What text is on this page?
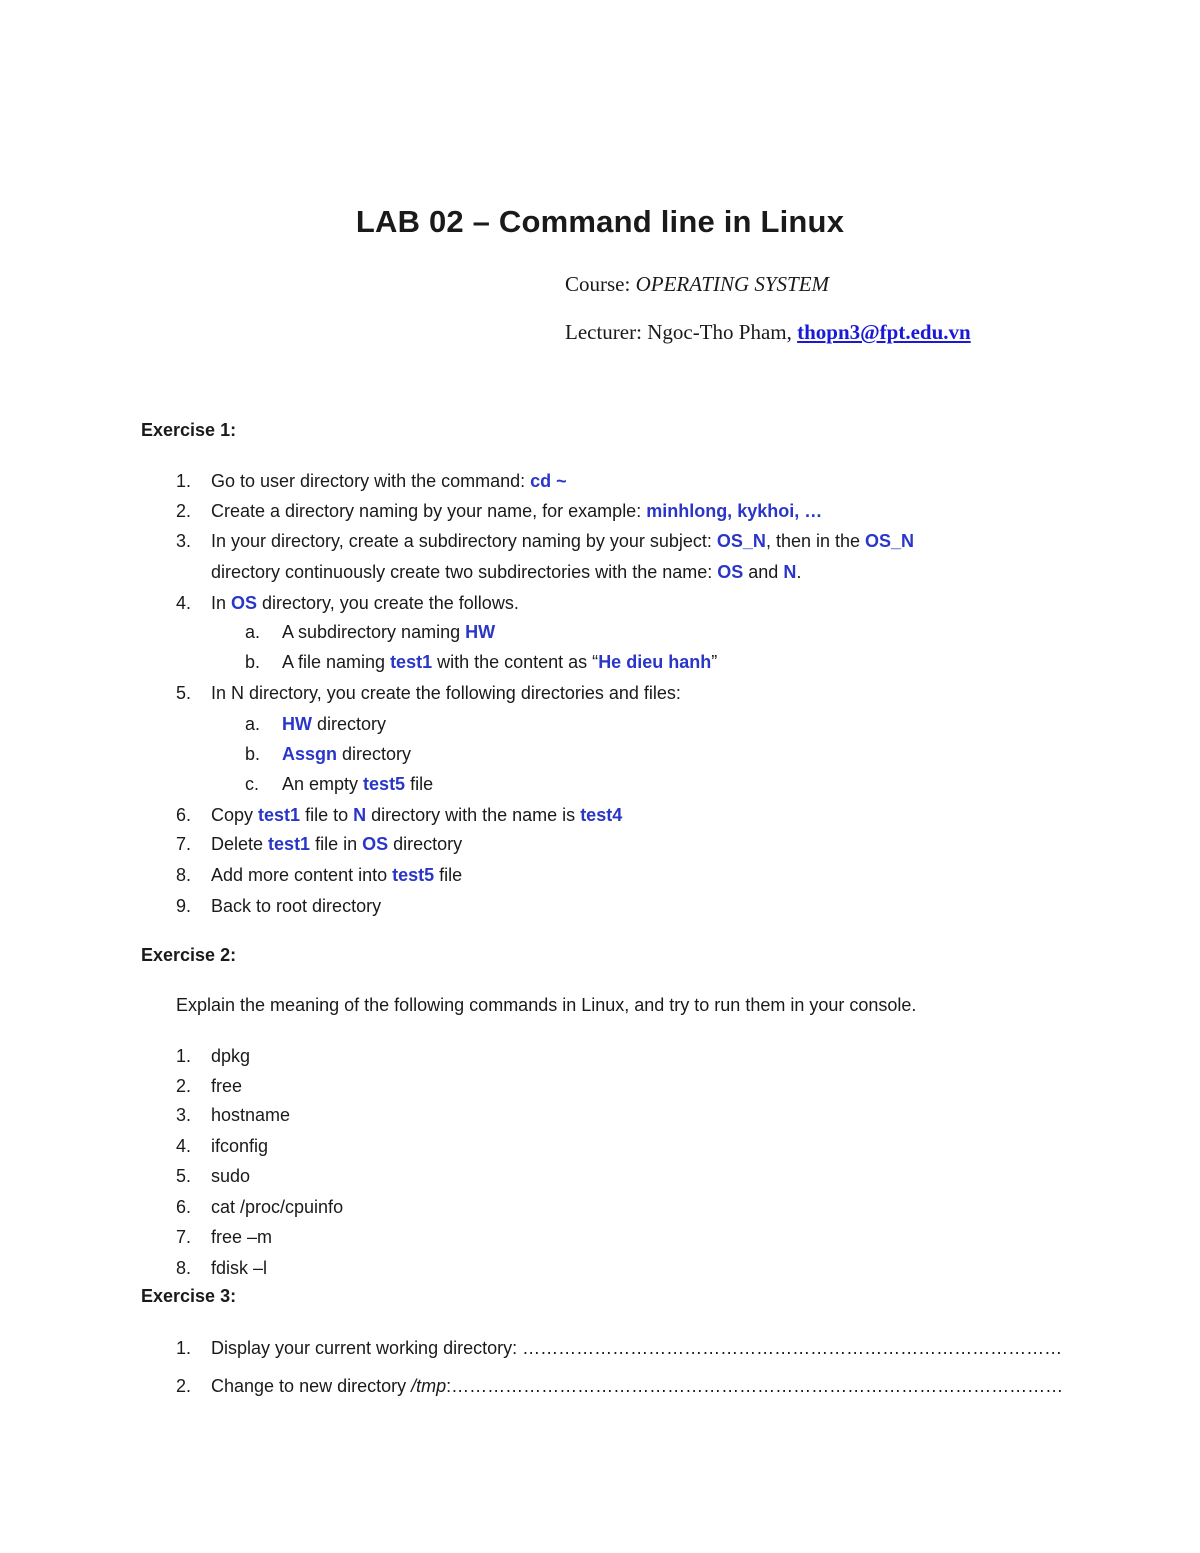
LAB 02 – Command line in Linux
Course: OPERATING SYSTEM
Lecturer: Ngoc-Tho Pham, thopn3@fpt.edu.vn
Exercise 1:
1. Go to user directory with the command: cd ~
2. Create a directory naming by your name, for example: minhlong, kykhoi, …
3. In your directory, create a subdirectory naming by your subject: OS_N, then in the OS_N
directory continuously create two subdirectories with the name: OS and N.
4. In OS directory, you create the follows.
a. A subdirectory naming HW
b. A file naming test1 with the content as “He dieu hanh”
5. In N directory, you create the following directories and files:
a. HW directory
b. Assgn directory
c. An empty test5 file
6. Copy test1 file to N directory with the name is test4
7. Delete test1 file in OS directory
8. Add more content into test5 file
9. Back to root directory
Exercise 2:
Explain the meaning of the following commands in Linux, and try to run them in your console.
1. dpkg
2. free
3. hostname
4. ifconfig
5. sudo
6. cat /proc/cpuinfo
7. free –m
8. fdisk –l
Exercise 3:
1. Display your current working directory: ………………………………………………………………………………
2. Change to new directory /tmp:…………………………………………………………………………………………
